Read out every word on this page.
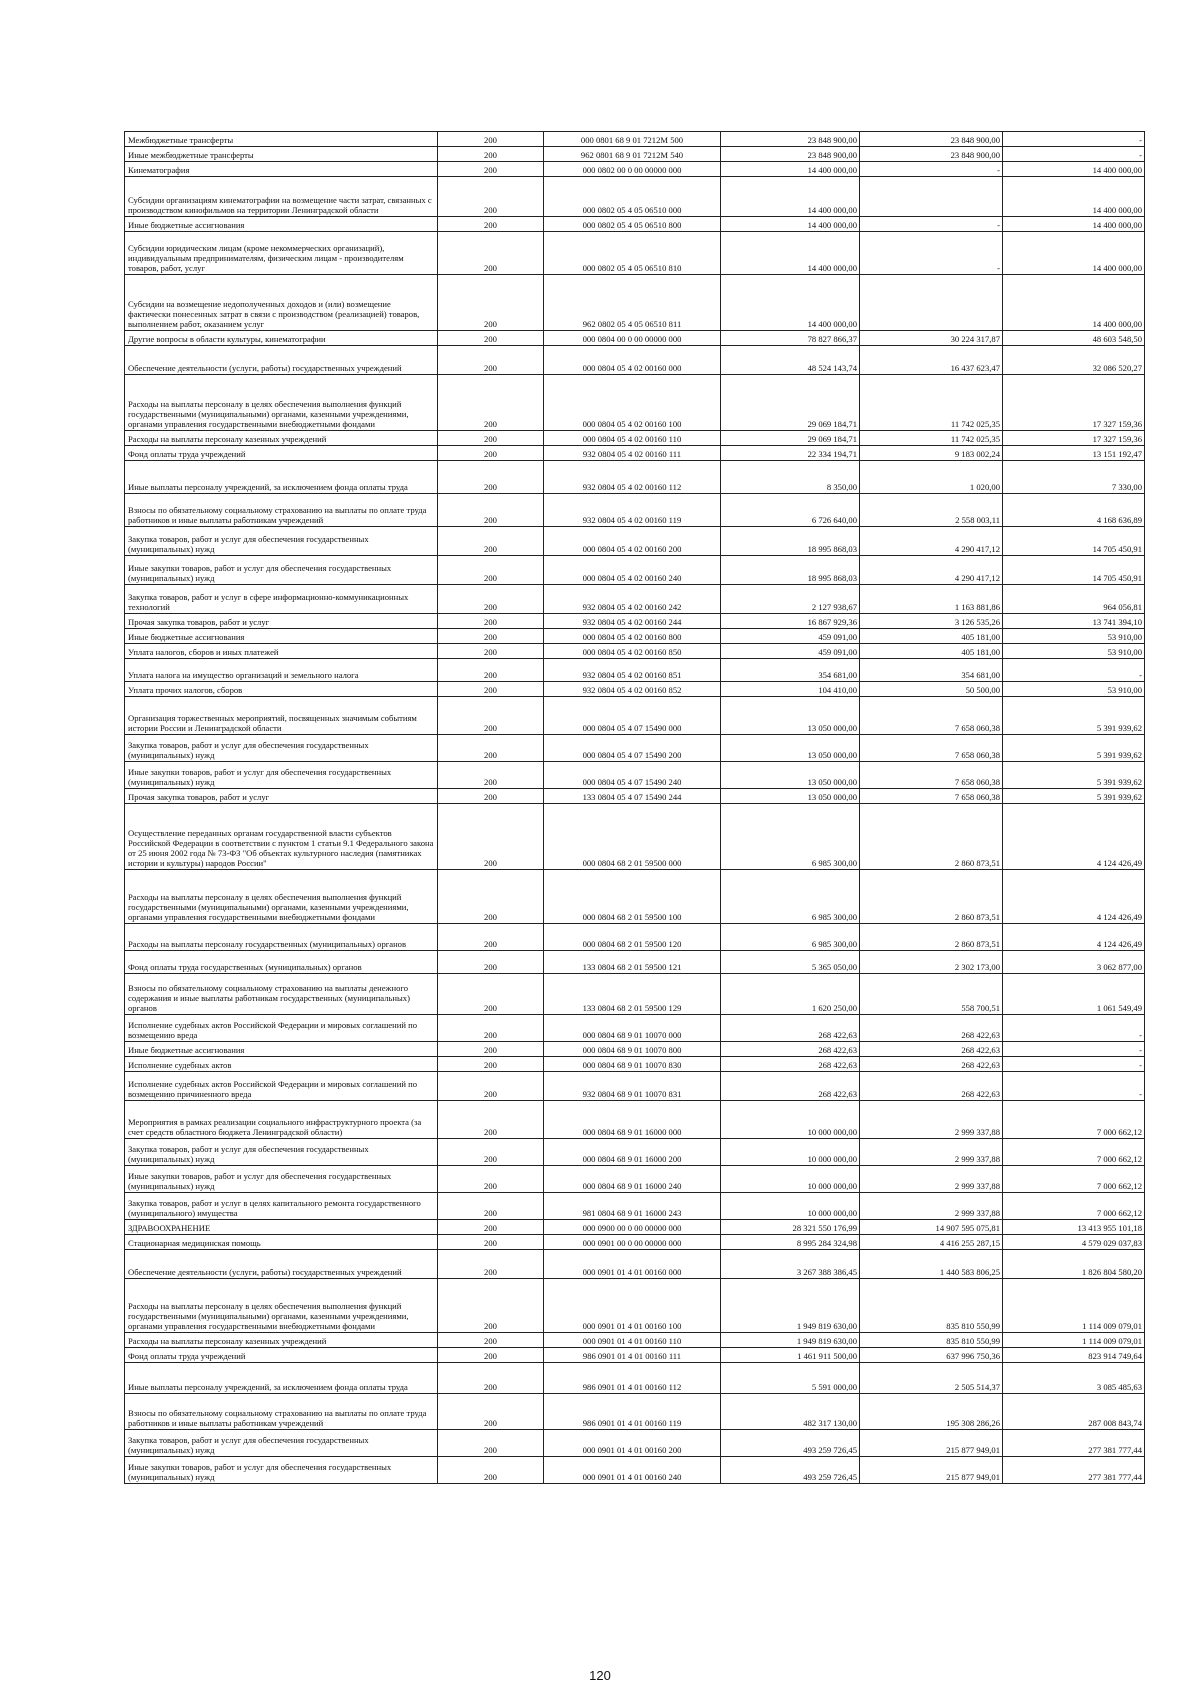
Межбюджетные трансферты	200	000 0801 68 9 01 7212M 500	23 848 900,00	23 848 900,00	-
Иные межбюджетные трансферты	200	962 0801 68 9 01 7212M 540	23 848 900,00	23 848 900,00	-
Кинематография	200	000 0802 00 0 00 00000 000	14 400 000,00	-	14 400 000,00
Субсидии организациям кинематографии на возмещение части затрат, связанных с производством кинофильмов на территории Ленинградской области	200	000 0802 05 4 05 06510 000	14 400 000,00		14 400 000,00
Иные бюджетные ассигнования	200	000 0802 05 4 05 06510 800	14 400 000,00	-	14 400 000,00
Субсидии юридическим лицам (кроме некоммерческих организаций), индивидуальным предпринимателям, физическим лицам - производителям товаров, работ, услуг	200	000 0802 05 4 05 06510 810	14 400 000,00	-	14 400 000,00
Субсидии на возмещение недополученных доходов и (или) возмещение фактически понесенных затрат в связи с производством (реализацией) товаров, выполнением работ, оказанием услуг	200	962 0802 05 4 05 06510 811	14 400 000,00		14 400 000,00
Другие вопросы в области культуры, кинематографии	200	000 0804 00 0 00 00000 000	78 827 866,37	30 224 317,87	48 603 548,50
Обеспечение деятельности (услуги, работы) государственных учреждений	200	000 0804 05 4 02 00160 000	48 524 143,74	16 437 623,47	32 086 520,27
Расходы на выплаты персоналу в целях обеспечения выполнения функций государственными (муниципальными) органами, казенными учреждениями, органами управления государственными внебюджетными фондами	200	000 0804 05 4 02 00160 100	29 069 184,71	11 742 025,35	17 327 159,36
Расходы на выплаты персоналу казенных учреждений	200	000 0804 05 4 02 00160 110	29 069 184,71	11 742 025,35	17 327 159,36
Фонд оплаты труда учреждений	200	932 0804 05 4 02 00160 111	22 334 194,71	9 183 002,24	13 151 192,47
Иные выплаты персоналу учреждений, за исключением фонда оплаты труда	200	932 0804 05 4 02 00160 112	8 350,00	1 020,00	7 330,00
Взносы по обязательному социальному страхованию на выплаты по оплате труда работников и иные выплаты работникам учреждений	200	932 0804 05 4 02 00160 119	6 726 640,00	2 558 003,11	4 168 636,89
Закупка товаров, работ и услуг для обеспечения государственных (муниципальных) нужд	200	000 0804 05 4 02 00160 200	18 995 868,03	4 290 417,12	14 705 450,91
Иные закупки товаров, работ и услуг для обеспечения государственных (муниципальных) нужд	200	000 0804 05 4 02 00160 240	18 995 868,03	4 290 417,12	14 705 450,91
Закупка товаров, работ и услуг в сфере информационно-коммуникационных технологий	200	932 0804 05 4 02 00160 242	2 127 938,67	1 163 881,86	964 056,81
Прочая закупка товаров, работ и услуг	200	932 0804 05 4 02 00160 244	16 867 929,36	3 126 535,26	13 741 394,10
Иные бюджетные ассигнования	200	000 0804 05 4 02 00160 800	459 091,00	405 181,00	53 910,00
Уплата налогов, сборов и иных платежей	200	000 0804 05 4 02 00160 850	459 091,00	405 181,00	53 910,00
Уплата налога на имущество организаций и земельного налога	200	932 0804 05 4 02 00160 851	354 681,00	354 681,00	-
Уплата прочих налогов, сборов	200	932 0804 05 4 02 00160 852	104 410,00	50 500,00	53 910,00
Организация торжественных мероприятий, посвященных значимым событиям истории России и Ленинградской области	200	000 0804 05 4 07 15490 000	13 050 000,00	7 658 060,38	5 391 939,62
Закупка товаров, работ и услуг для обеспечения государственных (муниципальных) нужд	200	000 0804 05 4 07 15490 200	13 050 000,00	7 658 060,38	5 391 939,62
Иные закупки товаров, работ и услуг для обеспечения государственных (муниципальных) нужд	200	000 0804 05 4 07 15490 240	13 050 000,00	7 658 060,38	5 391 939,62
Прочая закупка товаров, работ и услуг	200	133 0804 05 4 07 15490 244	13 050 000,00	7 658 060,38	5 391 939,62
Осуществление переданных органам государственной власти субъектов Российской Федерации в соответствии с пунктом 1 статьи 9.1 Федерального закона от 25 июня 2002 года № 73-ФЗ "Об объектах культурного наследия (памятниках истории и культуры) народов России"	200	000 0804 68 2 01 59500 000	6 985 300,00	2 860 873,51	4 124 426,49
Расходы на выплаты персоналу в целях обеспечения выполнения функций государственными (муниципальными) органами, казенными учреждениями, органами управления государственными внебюджетными фондами	200	000 0804 68 2 01 59500 100	6 985 300,00	2 860 873,51	4 124 426,49
Расходы на выплаты персоналу государственных (муниципальных) органов	200	000 0804 68 2 01 59500 120	6 985 300,00	2 860 873,51	4 124 426,49
Фонд оплаты труда государственных (муниципальных) органов	200	133 0804 68 2 01 59500 121	5 365 050,00	2 302 173,00	3 062 877,00
Взносы по обязательному социальному страхованию на выплаты денежного содержания и иные выплаты работникам государственных (муниципальных) органов	200	133 0804 68 2 01 59500 129	1 620 250,00	558 700,51	1 061 549,49
Исполнение судебных актов Российской Федерации и мировых соглашений по возмещению вреда	200	000 0804 68 9 01 10070 000	268 422,63	268 422,63	-
Иные бюджетные ассигнования	200	000 0804 68 9 01 10070 800	268 422,63	268 422,63	-
Исполнение судебных актов	200	000 0804 68 9 01 10070 830	268 422,63	268 422,63	-
Исполнение судебных актов Российской Федерации и мировых соглашений по возмещению причиненного вреда	200	932 0804 68 9 01 10070 831	268 422,63	268 422,63	-
Мероприятия в рамках реализации социального инфраструктурного проекта (за счет средств областного бюджета Ленинградской области)	200	000 0804 68 9 01 16000 000	10 000 000,00	2 999 337,88	7 000 662,12
Закупка товаров, работ и услуг для обеспечения государственных (муниципальных) нужд	200	000 0804 68 9 01 16000 200	10 000 000,00	2 999 337,88	7 000 662,12
Иные закупки товаров, работ и услуг для обеспечения государственных (муниципальных) нужд	200	000 0804 68 9 01 16000 240	10 000 000,00	2 999 337,88	7 000 662,12
Закупка товаров, работ и услуг в целях капитального ремонта государственного (муниципального) имущества	200	981 0804 68 9 01 16000 243	10 000 000,00	2 999 337,88	7 000 662,12
ЗДРАВООХРАНЕНИЕ	200	000 0900 00 0 00 00000 000	28 321 550 176,99	14 907 595 075,81	13 413 955 101,18
Стационарная медицинская помощь	200	000 0901 00 0 00 00000 000	8 995 284 324,98	4 416 255 287,15	4 579 029 037,83
Обеспечение деятельности (услуги, работы) государственных учреждений	200	000 0901 01 4 01 00160 000	3 267 388 386,45	1 440 583 806,25	1 826 804 580,20
Расходы на выплаты персоналу в целях обеспечения выполнения функций государственными (муниципальными) органами, казенными учреждениями, органами управления государственными внебюджетными фондами	200	000 0901 01 4 01 00160 100	1 949 819 630,00	835 810 550,99	1 114 009 079,01
Расходы на выплаты персоналу казенных учреждений	200	000 0901 01 4 01 00160 110	1 949 819 630,00	835 810 550,99	1 114 009 079,01
Фонд оплаты труда учреждений	200	986 0901 01 4 01 00160 111	1 461 911 500,00	637 996 750,36	823 914 749,64
Иные выплаты персоналу учреждений, за исключением фонда оплаты труда	200	986 0901 01 4 01 00160 112	5 591 000,00	2 505 514,37	3 085 485,63
Взносы по обязательному социальному страхованию на выплаты по оплате труда работников и иные выплаты работникам учреждений	200	986 0901 01 4 01 00160 119	482 317 130,00	195 308 286,26	287 008 843,74
Закупка товаров, работ и услуг для обеспечения государственных (муниципальных) нужд	200	000 0901 01 4 01 00160 200	493 259 726,45	215 877 949,01	277 381 777,44
Иные закупки товаров, работ и услуг для обеспечения государственных (муниципальных) нужд	200	000 0901 01 4 01 00160 240	493 259 726,45	215 877 949,01	277 381 777,44
120
